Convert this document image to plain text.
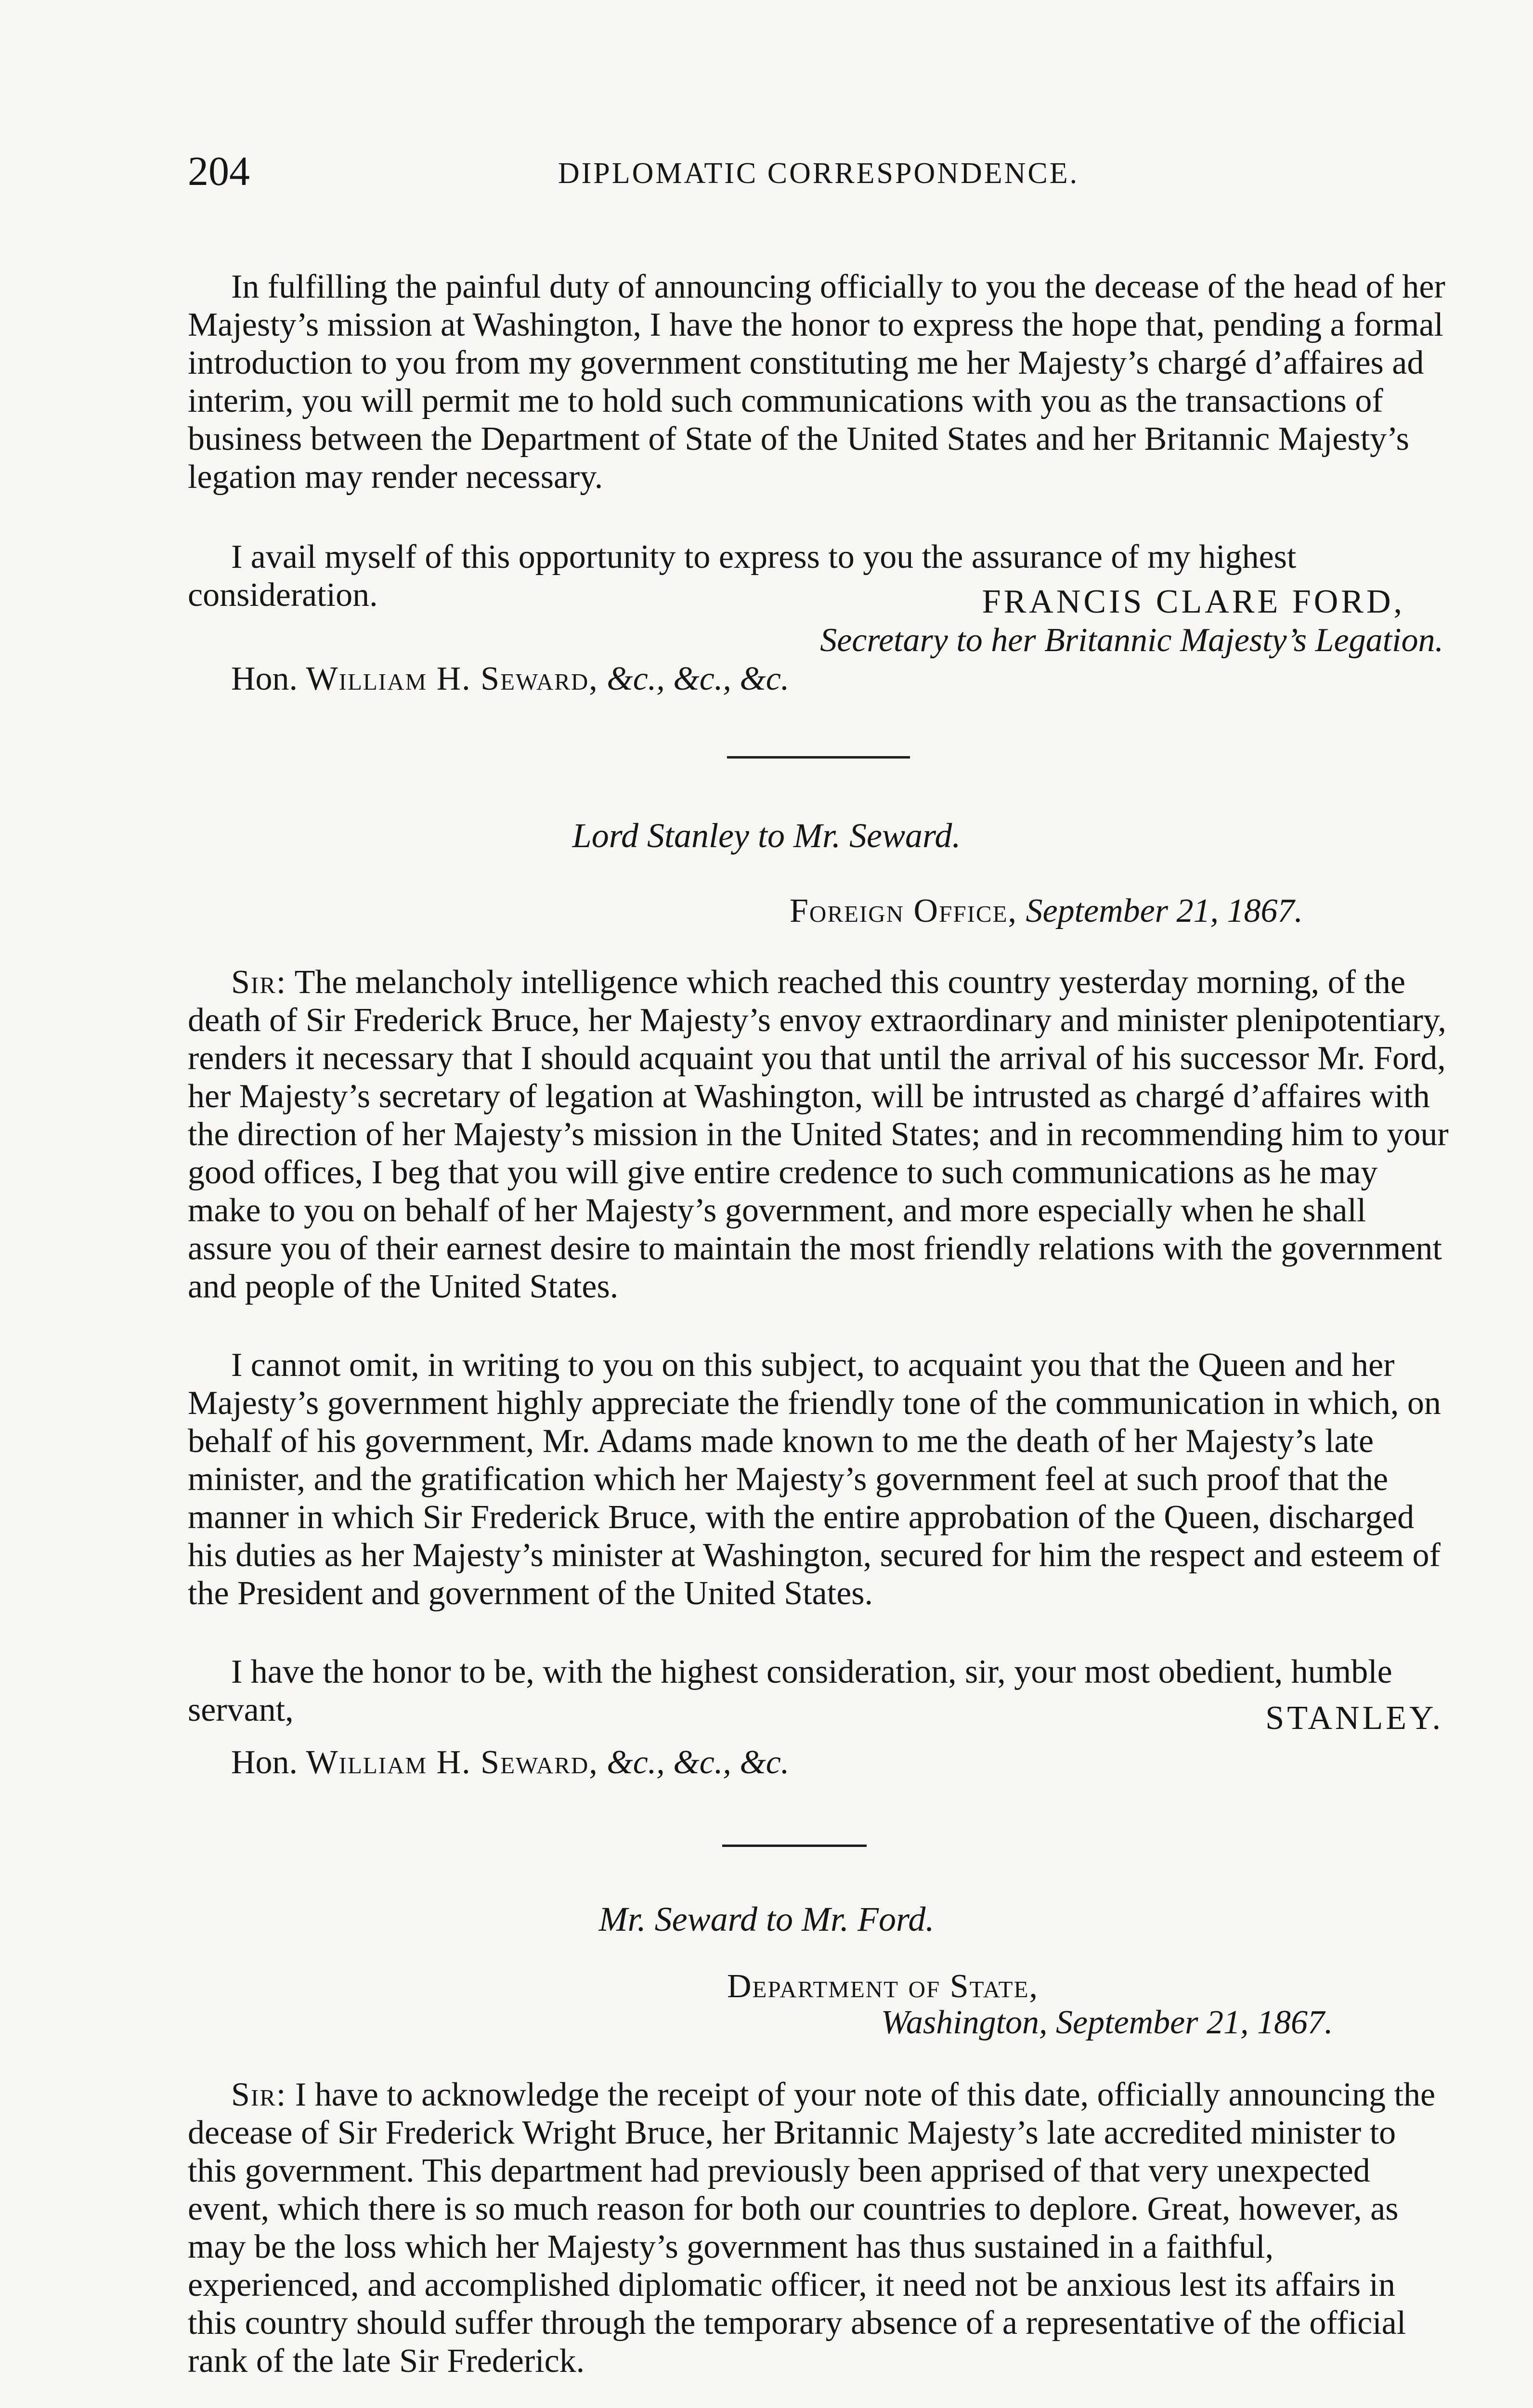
204	DIPLOMATIC CORRESPONDENCE.

In fulfilling the painful duty of announcing officially to you the decease of the head of her Majesty’s mission at Washington, I have the honor to express the hope that, pending a formal introduction to you from my government constituting me her Majesty’s chargé d’affaires ad interim, you will permit me to hold such communications with you as the transactions of business between the Department of State of the United States and her Britannic Majesty’s legation may render necessary.

I avail myself of this opportunity to express to you the assurance of my highest consideration.	FRANCIS CLARE FORD,
Secretary to her Britannic Majesty’s Legation.
Hon. William H. Seward, &c., &c., &c.
Lord Stanley to Mr. Seward.
Foreign Office, September 21, 1867.

Sir: The melancholy intelligence which reached this country yesterday morning, of the death of Sir Frederick Bruce, her Majesty’s envoy extraordinary and minister plenipotentiary, renders it necessary that I should acquaint you that until the arrival of his successor Mr. Ford, her Majesty’s secretary of legation at Washington, will be intrusted as chargé d’affaires with the direction of her Majesty’s mission in the United States; and in recommending him to your good offices, I beg that you will give entire credence to such communications as he may make to you on behalf of her Majesty’s government, and more especially when he shall assure you of their earnest desire to maintain the most friendly relations with the government and people of the United States.

I cannot omit, in writing to you on this subject, to acquaint you that the Queen and her Majesty’s government highly appreciate the friendly tone of the communication in which, on behalf of his government, Mr. Adams made known to me the death of her Majesty’s late minister, and the gratification which her Majesty’s government feel at such proof that the manner in which Sir Frederick Bruce, with the entire approbation of the Queen, discharged his duties as her Majesty’s minister at Washington, secured for him the respect and esteem of the President and government of the United States.

I have the honor to be, with the highest consideration, sir, your most obedient, humble servant,	STANLEY.
Hon. William H. Seward, &c., &c., &c.
Mr. Seward to Mr. Ford.
Department of State,
Washington, September 21, 1867.

Sir: I have to acknowledge the receipt of your note of this date, officially announcing the decease of Sir Frederick Wright Bruce, her Britannic Majesty’s late accredited minister to this government. This department had previously been apprised of that very unexpected event, which there is so much reason for both our countries to deplore. Great, however, as may be the loss which her Majesty’s government has thus sustained in a faithful, experienced, and accomplished diplomatic officer, it need not be anxious lest its affairs in this country should suffer through the temporary absence of a representative of the official rank of the late Sir Frederick.
